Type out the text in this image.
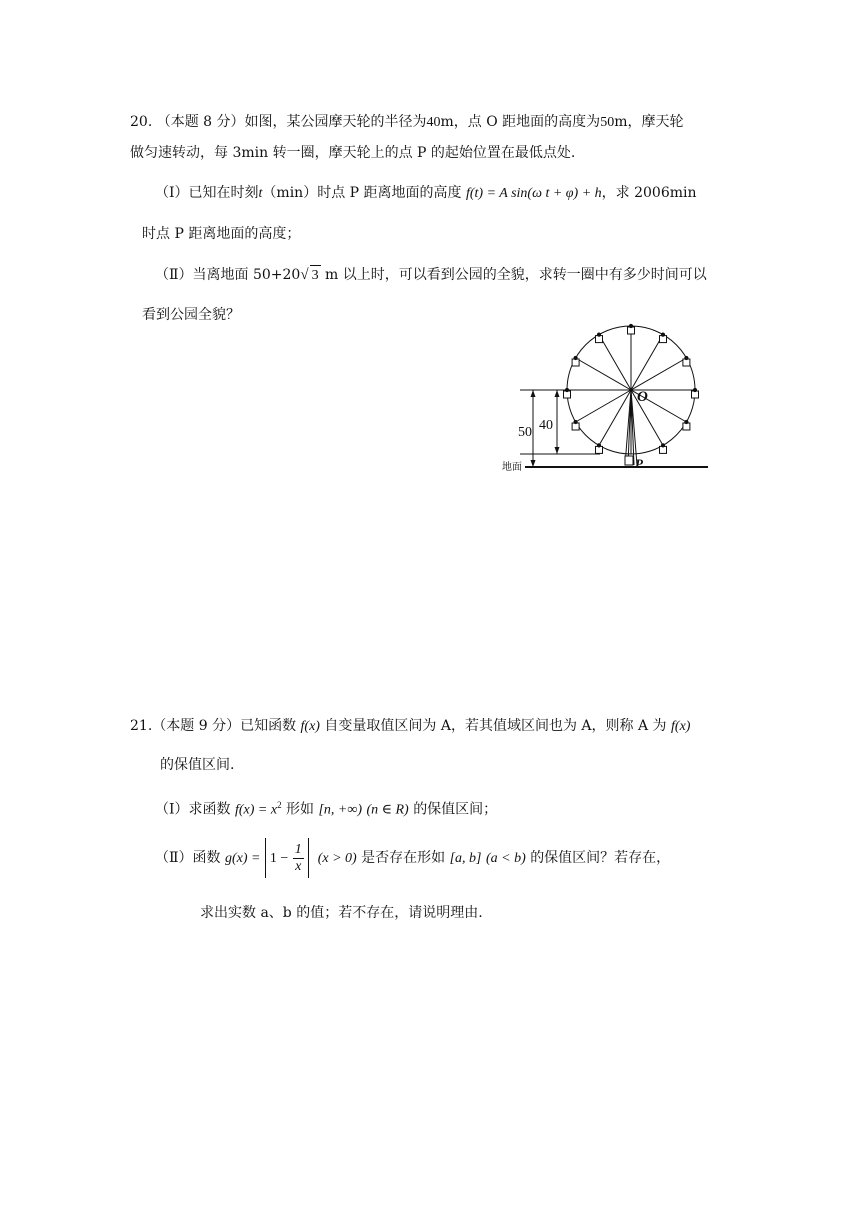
20. （本题 8 分）如图，某公园摩天轮的半径为40m，点 O 距地面的高度为50m，摩天轮
做匀速转动，每 3min 转一圈，摩天轮上的点 P 的起始位置在最低点处.
（Ⅰ）已知在时刻t（min）时点 P 距离地面的高度 f(t) = A sin(ω t + φ) + h，求 2006min
时点 P 距离地面的高度；
（Ⅱ）当离地面 50+20√ 3 m 以上时，可以看到公园的全貌，求转一圈中有多少时间可以
看到公园全貌？
O
P
50 40
地面
21.（本题 9 分）已知函数 f(x) 自变量取值区间为 A，若其值域区间也为 A，则称 A 为 f(x)
的保值区间.
（Ⅰ）求函数 $f(x) = x^2$ 形如 [n, +∞) (n ∈ R) 的保值区间；
（Ⅱ）函数 $g(x) = 1 - \frac{1}{x} (x > 0)$ 是否存在形如 [a, b] (a < b) 的保值区间？若存在，
求出实数 a、b 的值；若不存在，请说明理由.
